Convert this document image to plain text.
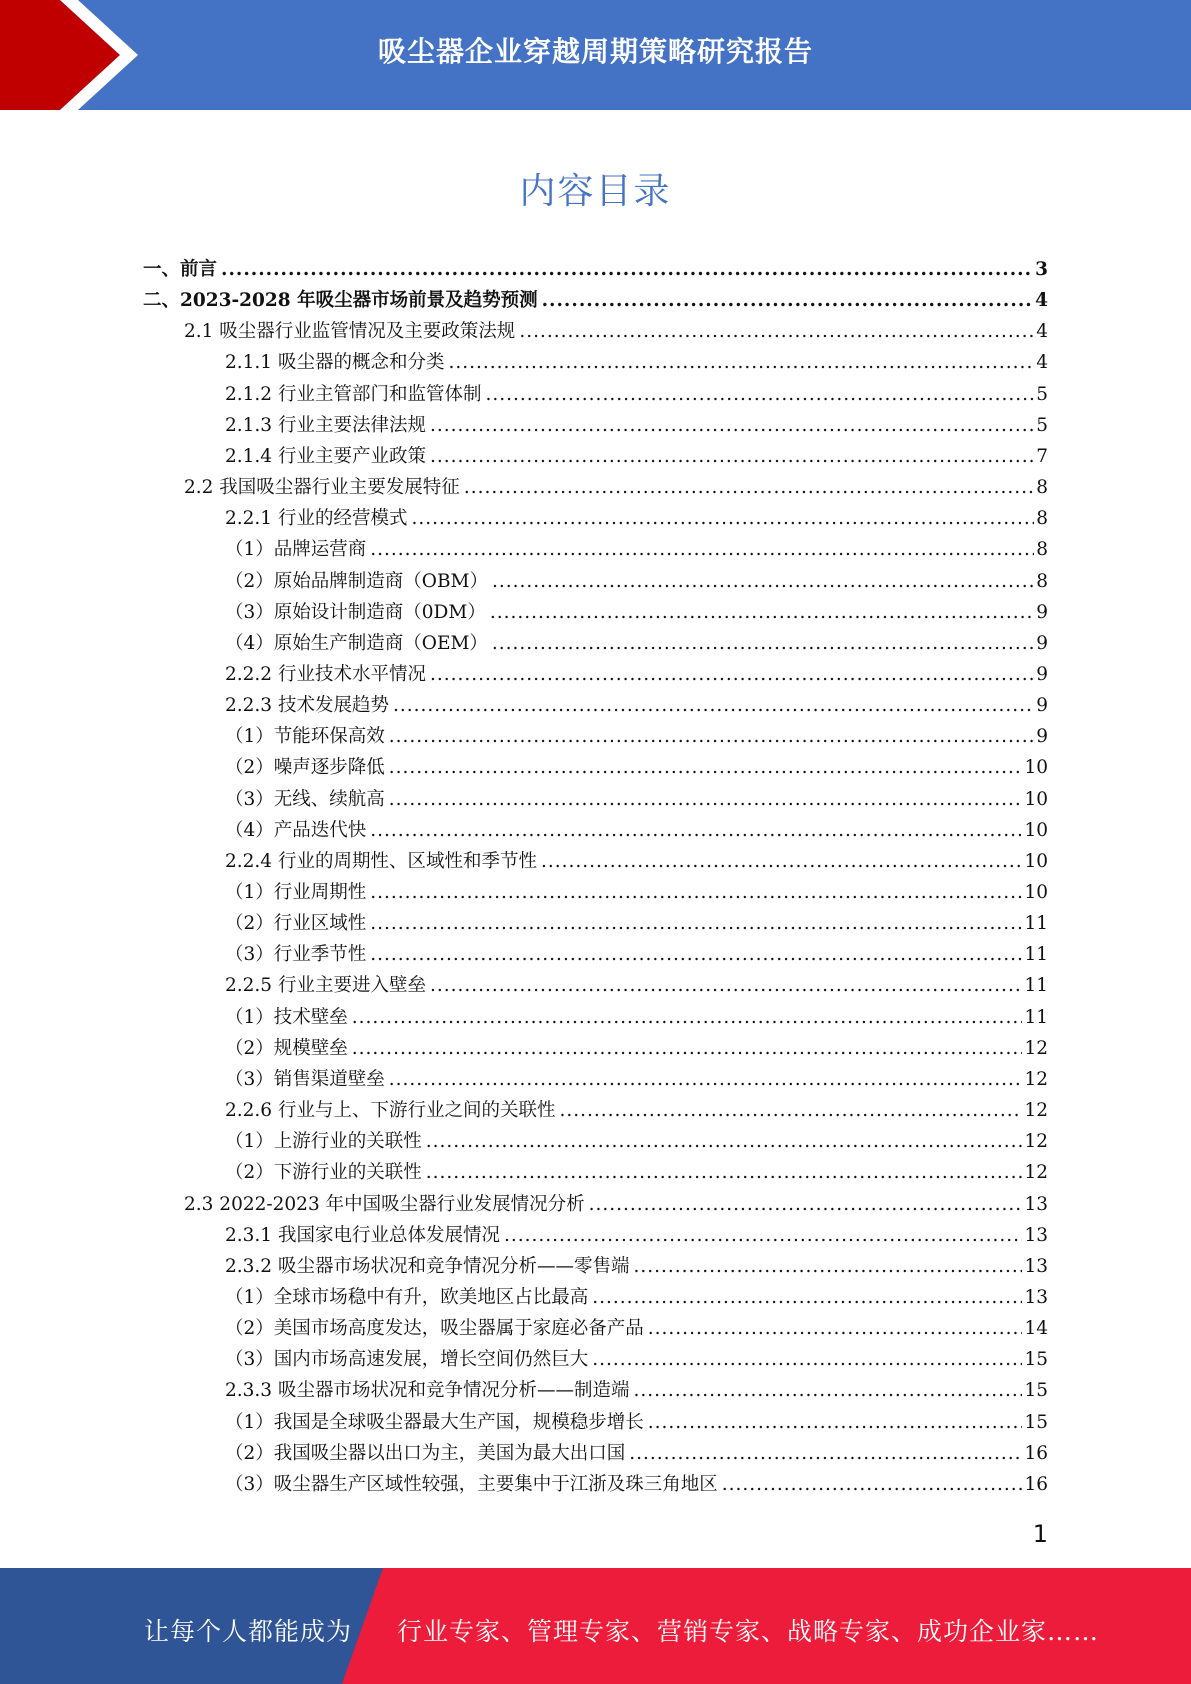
吸尘器企业穿越周期策略研究报告
内容目录
一、前言 .....	3
二、2023-2028 年吸尘器市场前景及趋势预测 .....	4
2.1 吸尘器行业监管情况及主要政策法规 .....	4
2.1.1 吸尘器的概念和分类 .....	4
2.1.2 行业主管部门和监管体制 .....	5
2.1.3 行业主要法律法规 .....	5
2.1.4 行业主要产业政策 .....	7
2.2 我国吸尘器行业主要发展特征 .....	8
2.2.1 行业的经营模式 .....	8
（1）品牌运营商 .....	8
（2）原始品牌制造商（OBM） .....	8
（3）原始设计制造商（0DM） .....	9
（4）原始生产制造商（OEM） .....	9
2.2.2 行业技术水平情况 .....	9
2.2.3 技术发展趋势 .....	9
（1）节能环保高效 .....	9
（2）噪声逐步降低 .....	10
（3）无线、续航高 .....	10
（4）产品迭代快 .....	10
2.2.4 行业的周期性、区域性和季节性 .....	10
（1）行业周期性 .....	10
（2）行业区域性 .....	11
（3）行业季节性 .....	11
2.2.5 行业主要进入壁垒 .....	11
（1）技术壁垒 .....	11
（2）规模壁垒 .....	12
（3）销售渠道壁垒 .....	12
2.2.6 行业与上、下游行业之间的关联性 .....	12
（1）上游行业的关联性 .....	12
（2）下游行业的关联性 .....	12
2.3 2022-2023 年中国吸尘器行业发展情况分析 .....	13
2.3.1 我国家电行业总体发展情况 .....	13
2.3.2 吸尘器市场状况和竞争情况分析——零售端 .....	13
（1）全球市场稳中有升，欧美地区占比最高 .....	13
（2）美国市场高度发达，吸尘器属于家庭必备产品 .....	14
（3）国内市场高速发展，增长空间仍然巨大 .....	15
2.3.3 吸尘器市场状况和竞争情况分析——制造端 .....	15
（1）我国是全球吸尘器最大生产国，规模稳步增长 .....	15
（2）我国吸尘器以出口为主，美国为最大出口国 .....	16
（3）吸尘器生产区域性较强，主要集中于江浙及珠三角地区 .....	16
1
让每个人都能成为 行业专家、管理专家、营销专家、战略专家、成功企业家……
